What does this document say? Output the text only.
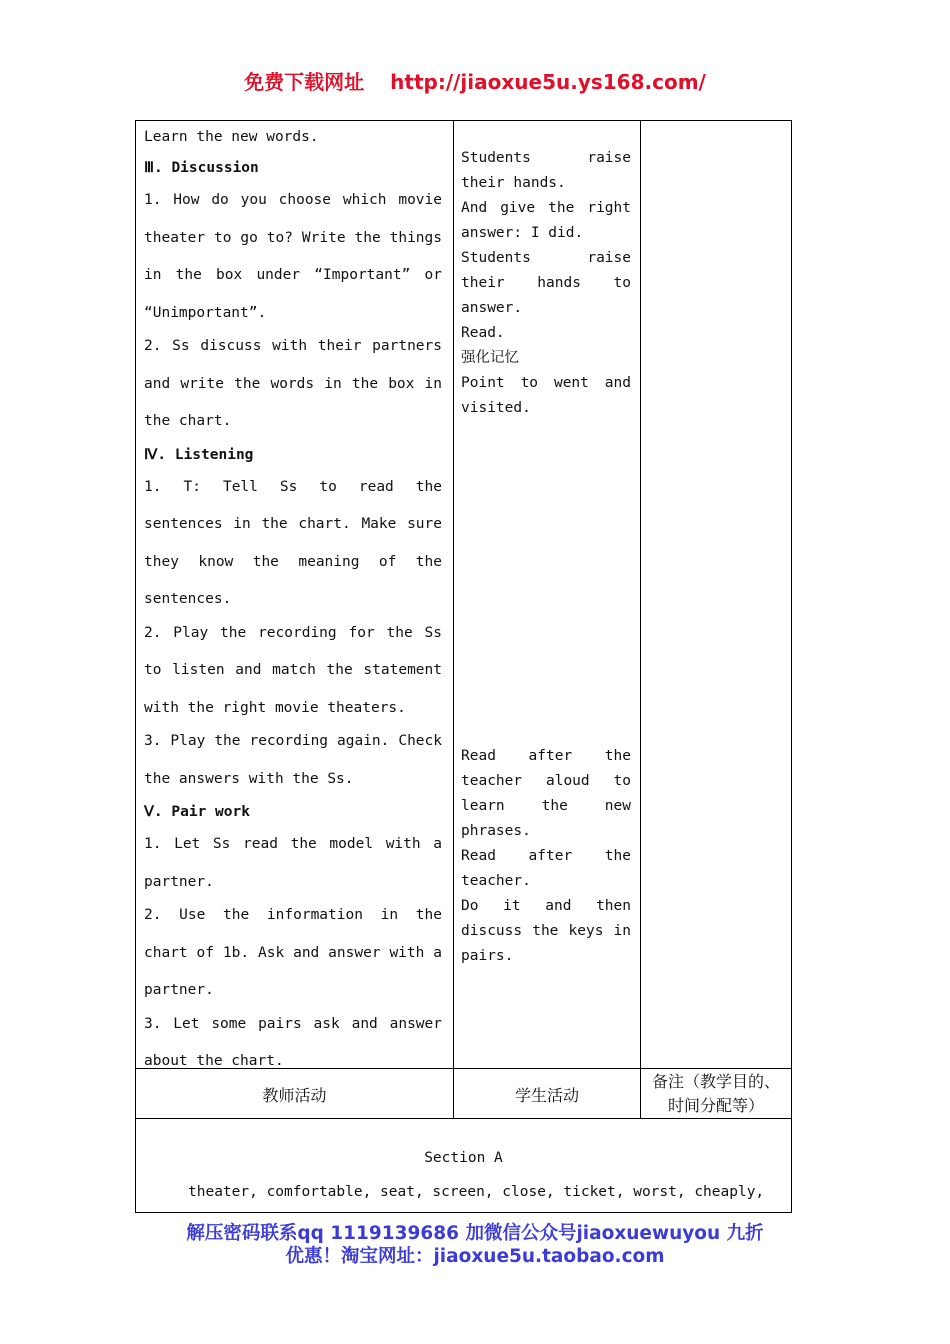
免费下载网址 http://jiaoxue5u.ys168.com/

Learn the new words.

Ⅲ. Discussion

1. How do you choose which movie theater to go to? Write the things in the box under “Important” or “Unimportant”.

2. Ss discuss with their partners and write the words in the box in the chart.

Ⅳ. Listening

1. T: Tell Ss to read the sentences in the chart. Make sure they know the meaning of the sentences.

2. Play the recording for the Ss to listen and match the statement with the right movie theaters.

3. Play the recording again. Check the answers with the Ss.

Ⅴ. Pair work

1. Let Ss read the model with a partner.

2. Use the information in the chart of 1b. Ask and answer with a partner.

3. Let some pairs ask and answer about the chart.

Students raise their hands.

And give the right answer: I did.

Students raise their hands to answer.

Read.

强化记忆

Point to went and visited.

Read after the teacher aloud to learn the new phrases.

Read after the teacher.

Do it and then discuss the keys in pairs.

教师活动	学生活动
备注（教学目的、
时间分配等）
Section A
theater, comfortable, seat, screen, close, ticket, worst, cheaply,
解压密码联系qq 1119139686 加微信公众号jiaoxuewuyou 九折
优惠！淘宝网址：jiaoxue5u.taobao.com
